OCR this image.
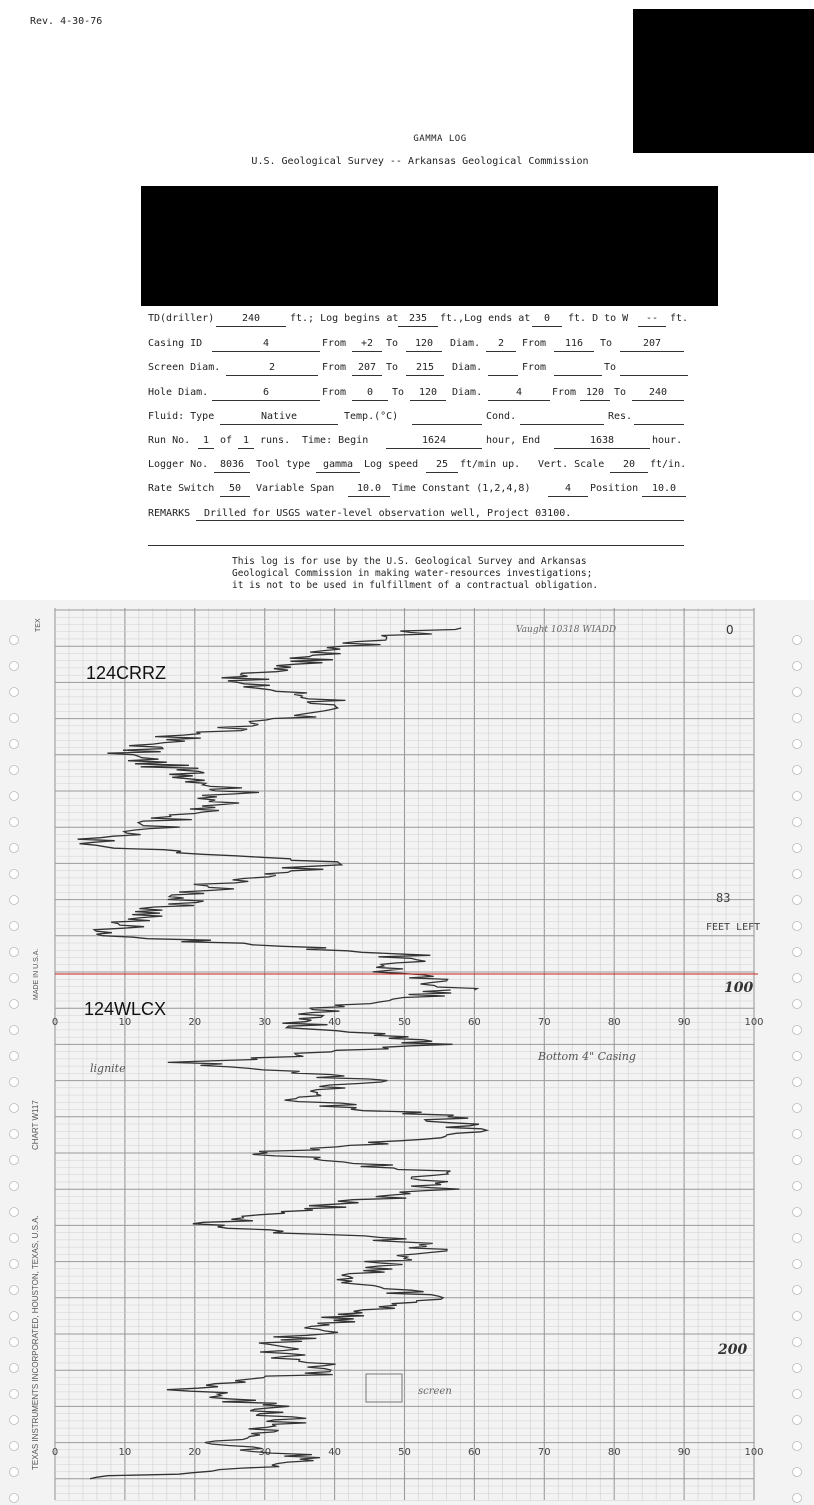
Rev. 4-30-76
GAMMA LOG
U.S. Geological Survey -- Arkansas Geological Commission
TD(driller)	240	ft.; Log begins at	235	ft.,Log ends at	0	ft. D to W	--	ft.
Casing ID	4	From	+2	To	120	Diam.	2	From	116	To	207
Screen Diam.	2	From	207 To	215	Diam.	From	To
Hole Diam.	6	From	0	To	120	Diam.	4	From 120 To	240
Fluid: Type	Native	Temp.(°C)	Cond.	Res.
Run No.	1	of	1	runs. Time: Begin	1624	hour, End	1638	hour.
Logger No.	8036	Tool type	gamma	Log speed	25	ft/min up. Vert. Scale	20	ft/in.
Rate Switch	50	Variable Span	10.0	Time Constant (1,2,4,8)	4	Position	10.0
REMARKS	Drilled for USGS water-level observation well, Project 03100.
This log is for use by the U.S. Geological Survey and Arkansas
Geological Commission in making water-resources investigations;
it is not to be used in fulfillment of a contractual obligation.
0	10	20	30	40	50	60	70	80	90	100
0	10	20	30	40	50	60	70	80	90	100
TEXAS INSTRUMENTS INCORPORATED, HOUSTON, TEXAS, U.S.A.
CHART W117
MADE IN U.S.A.
TEX	0
100
200
83
FEET LEFT
Bottom 4" Casing
lignite
screen
Vaught 10318 WIADD
124CRRZ
124WLCX
